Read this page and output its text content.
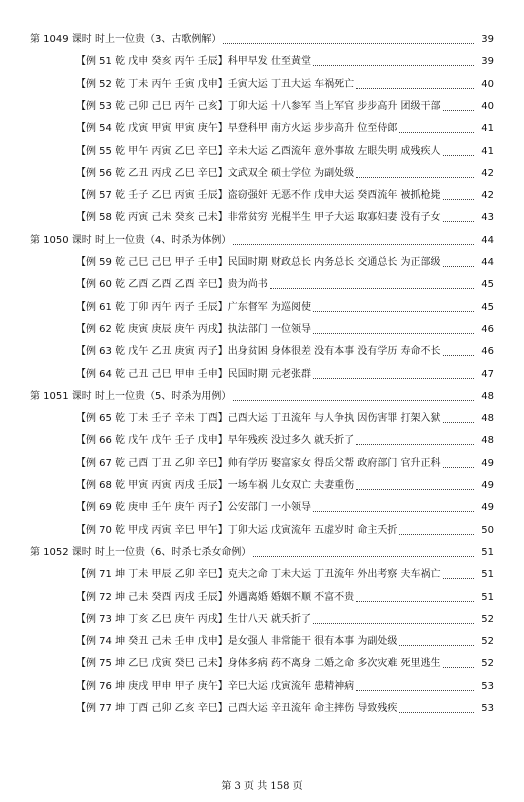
第 1049 课时 时上一位贵（3、古歌例解）	39
【例 51 乾 戊申 癸亥 丙午 壬辰】科甲早发 仕至黄堂	39
【例 52 乾 丁未 丙午 壬寅 戊申】壬寅大运 丁丑大运 车祸死亡	40
【例 53 乾 己卯 己巳 丙午 己亥】丁卯大运 十八参军 当上军官 步步高升 团级干部	40
【例 54 乾 戊寅 甲寅 甲寅 庚午】早登科甲 南方火运 步步高升 位至侍郎	41
【例 55 乾 甲午 丙寅 乙巳 辛巳】辛未大运 乙酉流年 意外事故 左眼失明 成残疾人	41
【例 56 乾 乙丑 丙戌 乙巳 辛巳】文武双全 硕士学位 为副处级	42
【例 57 乾 壬子 乙巳 丙寅 壬辰】盗窃强奸 无恶不作 戊申大运 癸酉流年 被抓枪毙	42
【例 58 乾 丙寅 己未 癸亥 己未】非常贫穷 光棍半生 甲子大运 取寡妇妻 没有子女	43
第 1050 课时 时上一位贵（4、时杀为体例）	44
【例 59 乾 己巳 己巳 甲子 壬申】民国时期 财政总长 内务总长 交通总长 为正部级	44
【例 60 乾 乙酉 乙酉 乙酉 辛巳】贵为尚书	45
【例 61 乾 丁卯 丙午 丙子 壬辰】广东督军 为巡阅使	45
【例 62 乾 庚寅 庚辰 庚午 丙戌】执法部门 一位领导	46
【例 63 乾 戊午 乙丑 庚寅 丙子】出身贫困 身体很差 没有本事 没有学历 寿命不长	46
【例 64 乾 己丑 己巳 甲申 壬申】民国时期 元老张群	47
第 1051 课时 时上一位贵（5、时杀为用例）	48
【例 65 乾 丁未 壬子 辛未 丁酉】己酉大运 丁丑流年 与人争执 因伤害罪 打架入狱	48
【例 66 乾 戊午 戊午 壬子 戊申】早年残疾 没过多久 就夭折了	48
【例 67 乾 己酉 丁丑 乙卯 辛巳】帅有学历 娶富家女 得岳父帮 政府部门 官升正科	49
【例 68 乾 甲寅 丙寅 丙戌 壬辰】一场车祸 儿女双亡 夫妻重伤	49
【例 69 乾 庚申 壬午 庚午 丙子】公安部门 一小领导	49
【例 70 乾 甲戌 丙寅 辛巳 甲午】丁卯大运 戊寅流年 五虚岁时 命主夭折	50
第 1052 课时 时上一位贵（6、时杀七杀女命例）	51
【例 71 坤 丁未 甲辰 乙卯 辛巳】克夫之命 丁未大运 丁丑流年 外出考察 夫车祸亡	51
【例 72 坤 己未 癸酉 丙戌 壬辰】外遇离婚 婚姻不顺 不富不贵	51
【例 73 坤 丁亥 乙巳 庚午 丙戌】生廿八天 就夭折了	52
【例 74 坤 癸丑 己未 壬申 戊申】是女强人 非常能干 很有本事 为副处级	52
【例 75 坤 乙巳 戊寅 癸巳 己未】身体多病 药不离身 二婚之命 多次灾难 死里逃生	52
【例 76 坤 庚戌 甲申 甲子 庚午】辛巳大运 戊寅流年 患精神病	53
【例 77 坤 丁酉 己卯 乙亥 辛巳】己酉大运 辛丑流年 命主摔伤 导致残疾	53
第 3 页 共 158 页
